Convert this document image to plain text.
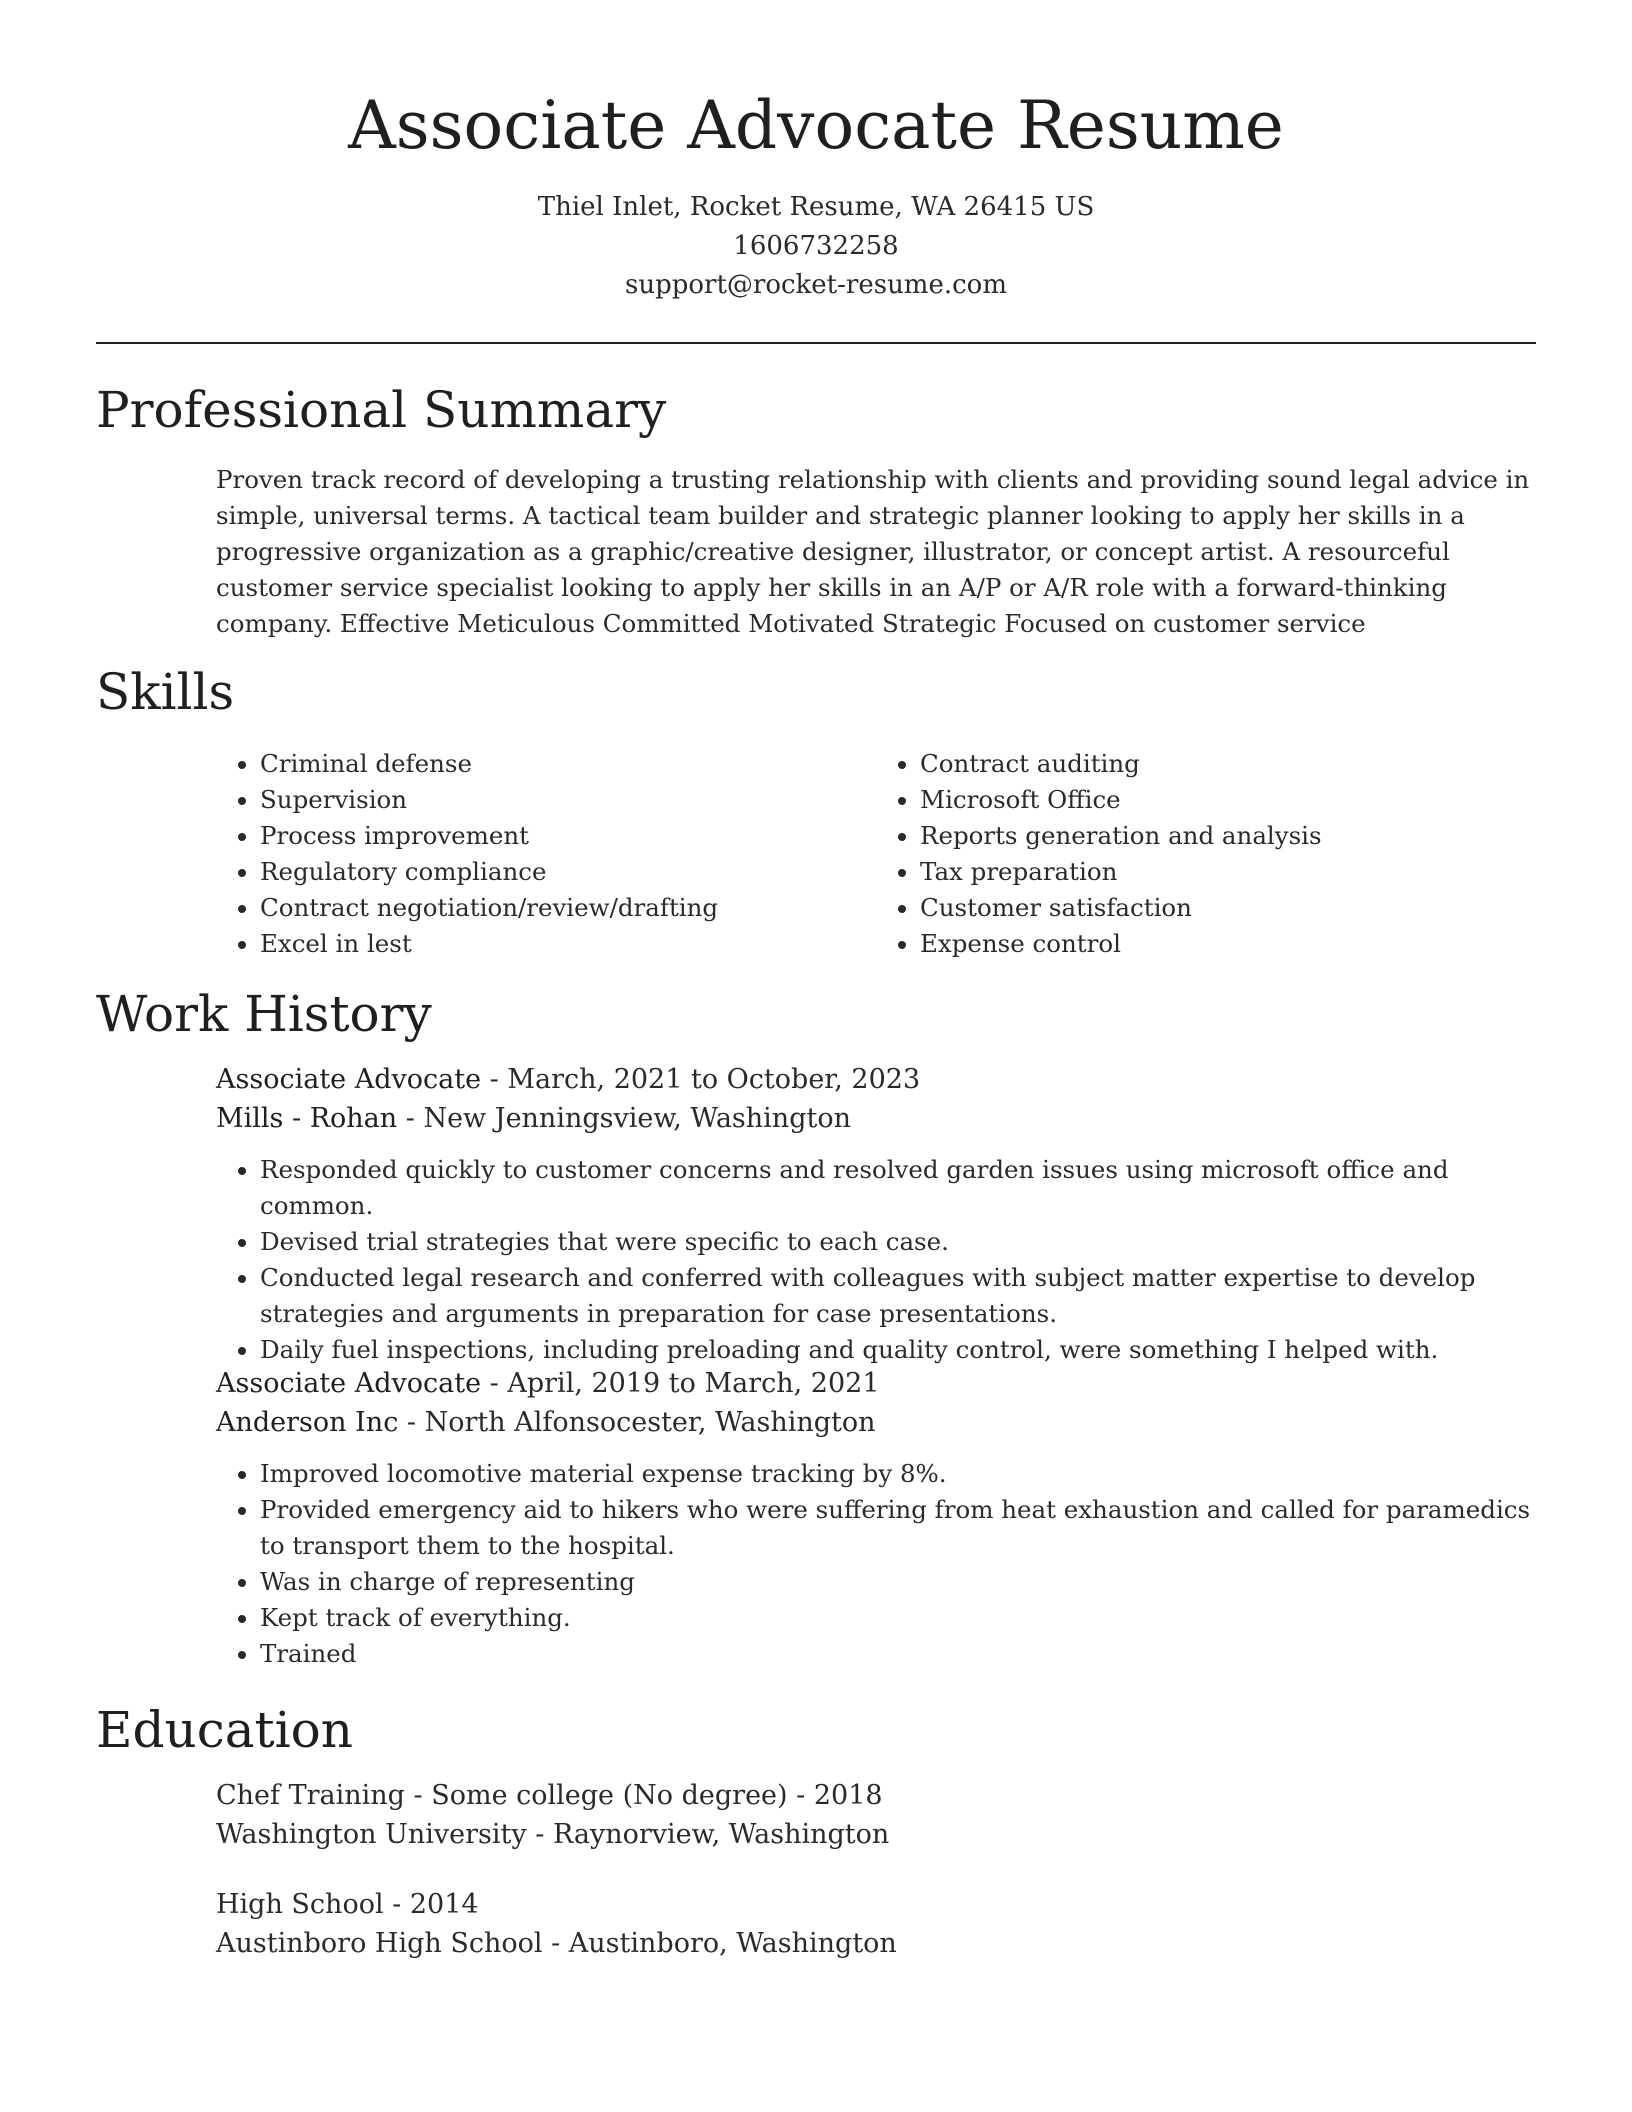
Associate Advocate Resume
Thiel Inlet, Rocket Resume, WA 26415 US
1606732258
support@rocket-resume.com
Professional Summary

Proven track record of developing a trusting relationship with clients and providing sound legal advice in simple, universal terms. A tactical team builder and strategic planner looking to apply her skills in a progressive organization as a graphic/creative designer, illustrator, or concept artist. A resourceful customer service specialist looking to apply her skills in an A/P or A/R role with a forward-thinking company. Effective Meticulous Committed Motivated Strategic Focused on customer service

Skills
• Criminal defense
• Supervision
• Process improvement
• Regulatory compliance
• Contract negotiation/review/drafting
• Excel in lest
• Contract auditing
• Microsoft Office
• Reports generation and analysis
• Tax preparation
• Customer satisfaction
• Expense control
Work History
Associate Advocate - March, 2021 to October, 2023
Mills - Rohan - New Jenningsview, Washington
• Responded quickly to customer concerns and resolved garden issues using microsoft office and common.
• Devised trial strategies that were specific to each case.
• Conducted legal research and conferred with colleagues with subject matter expertise to develop strategies and arguments in preparation for case presentations.
• Daily fuel inspections, including preloading and quality control, were something I helped with.
Associate Advocate - April, 2019 to March, 2021
Anderson Inc - North Alfonsocester, Washington
• Improved locomotive material expense tracking by 8%.
• Provided emergency aid to hikers who were suffering from heat exhaustion and called for paramedics to transport them to the hospital.
• Was in charge of representing
• Kept track of everything.
• Trained
Education
Chef Training - Some college (No degree) - 2018
Washington University - Raynorview, Washington
High School - 2014
Austinboro High School - Austinboro, Washington
